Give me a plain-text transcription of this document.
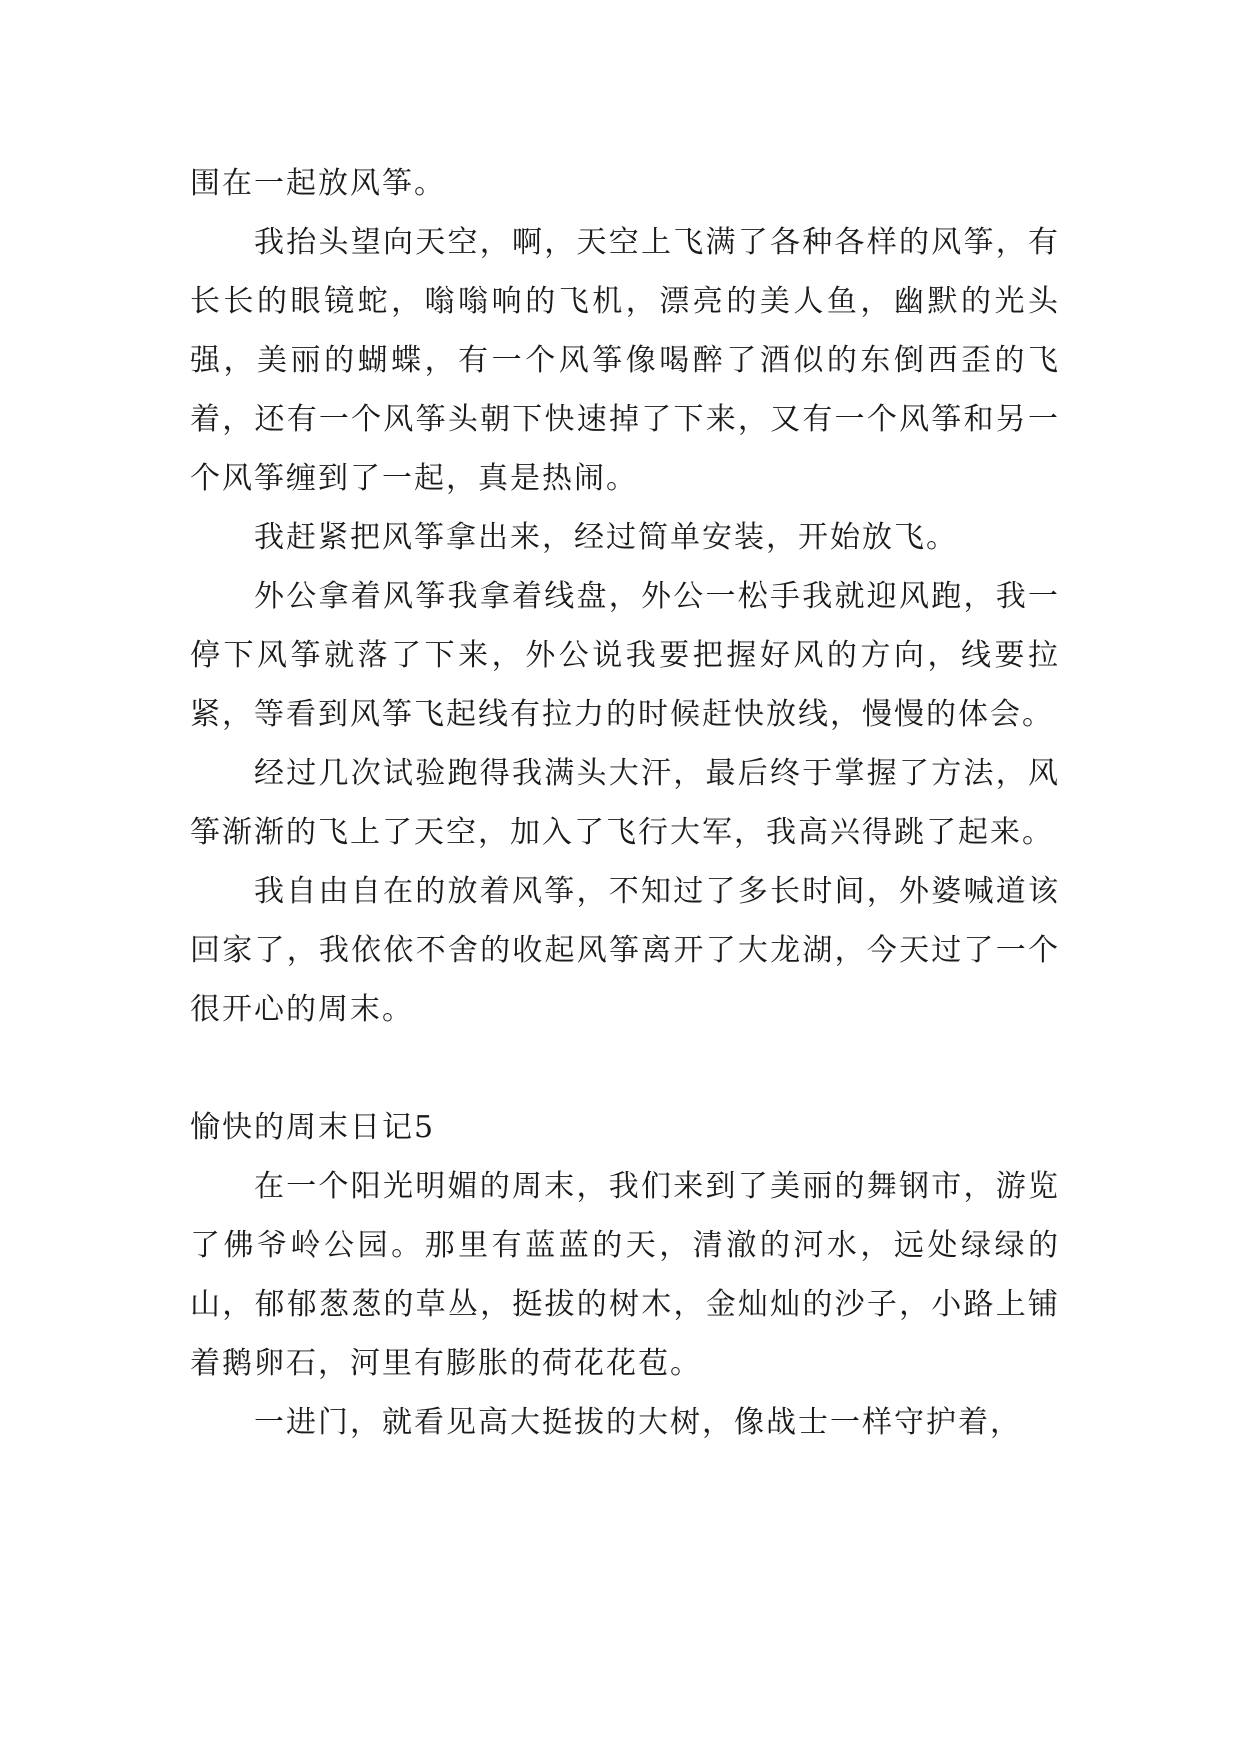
围在一起放风筝。

我抬头望向天空，啊，天空上飞满了各种各样的风筝，有长长的眼镜蛇，嗡嗡响的飞机，漂亮的美人鱼，幽默的光头强，美丽的蝴蝶，有一个风筝像喝醉了酒似的东倒西歪的飞着，还有一个风筝头朝下快速掉了下来，又有一个风筝和另一个风筝缠到了一起，真是热闹。

我赶紧把风筝拿出来，经过简单安装，开始放飞。

外公拿着风筝我拿着线盘，外公一松手我就迎风跑，我一停下风筝就落了下来，外公说我要把握好风的方向，线要拉紧，等看到风筝飞起线有拉力的时候赶快放线，慢慢的体会。

经过几次试验跑得我满头大汗，最后终于掌握了方法，风筝渐渐的飞上了天空，加入了飞行大军，我高兴得跳了起来。

我自由自在的放着风筝，不知过了多长时间，外婆喊道该回家了，我依依不舍的收起风筝离开了大龙湖，今天过了一个很开心的周末。

愉快的周末日记5

在一个阳光明媚的周末，我们来到了美丽的舞钢市，游览了佛爷岭公园。那里有蓝蓝的天，清澈的河水，远处绿绿的山，郁郁葱葱的草丛，挺拔的树木，金灿灿的沙子，小路上铺着鹅卵石，河里有膨胀的荷花花苞。

一进门，就看见高大挺拔的大树，像战士一样守护着，
